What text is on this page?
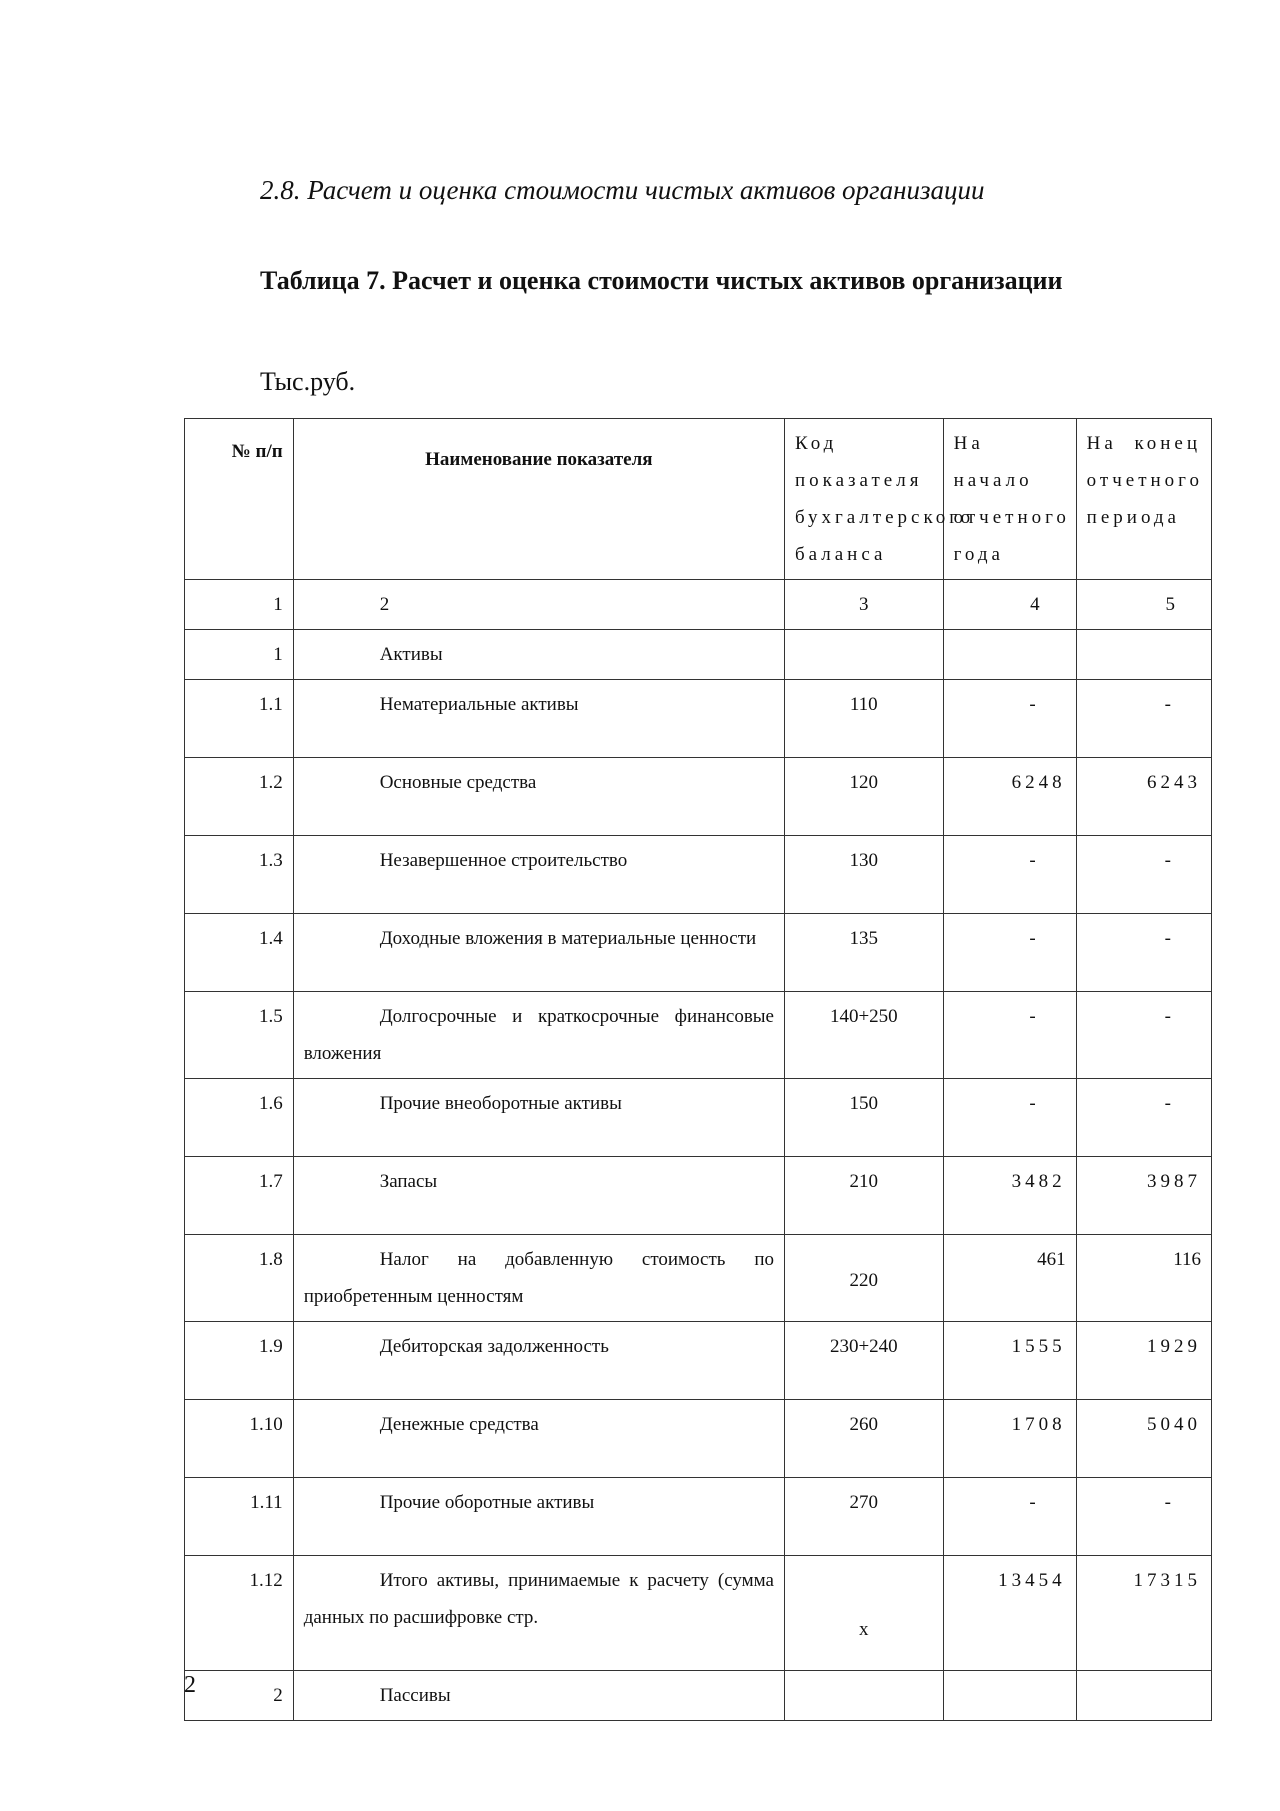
2.8. Расчет и оценка стоимости чистых активов организации

Таблица 7. Расчет и оценка стоимости чистых активов организации

Тыс.руб.
№ п/п	Наименование показателя	Код показателя бухгалтерского баланса	На начало отчетного года	На конец отчетного периода
1	2	3	4	5
1	Активы			
1.1	Нематериальные активы	110	-	-
1.2	Основные средства	120	6248	6243
1.3	Незавершенное строительство	130	-	-
1.4	Доходные вложения в материальные ценности	135	-	-
1.5	Долгосрочные и краткосрочные финансовые вложения	140+250	-	-
1.6	Прочие внеоборотные активы	150	-	-
1.7	Запасы	210	3482	3987
1.8	Налог на добавленную стоимость по приобретенным ценностям	220	461	116
1.9	Дебиторская задолженность	230+240	1555	1929
1.10	Денежные средства	260	1708	5040
1.11	Прочие оборотные активы	270	-	-
1.12	Итого активы, принимаемые к расчету (сумма данных по расшифровке стр.	х	13454	17315
2	Пассивы			
2
